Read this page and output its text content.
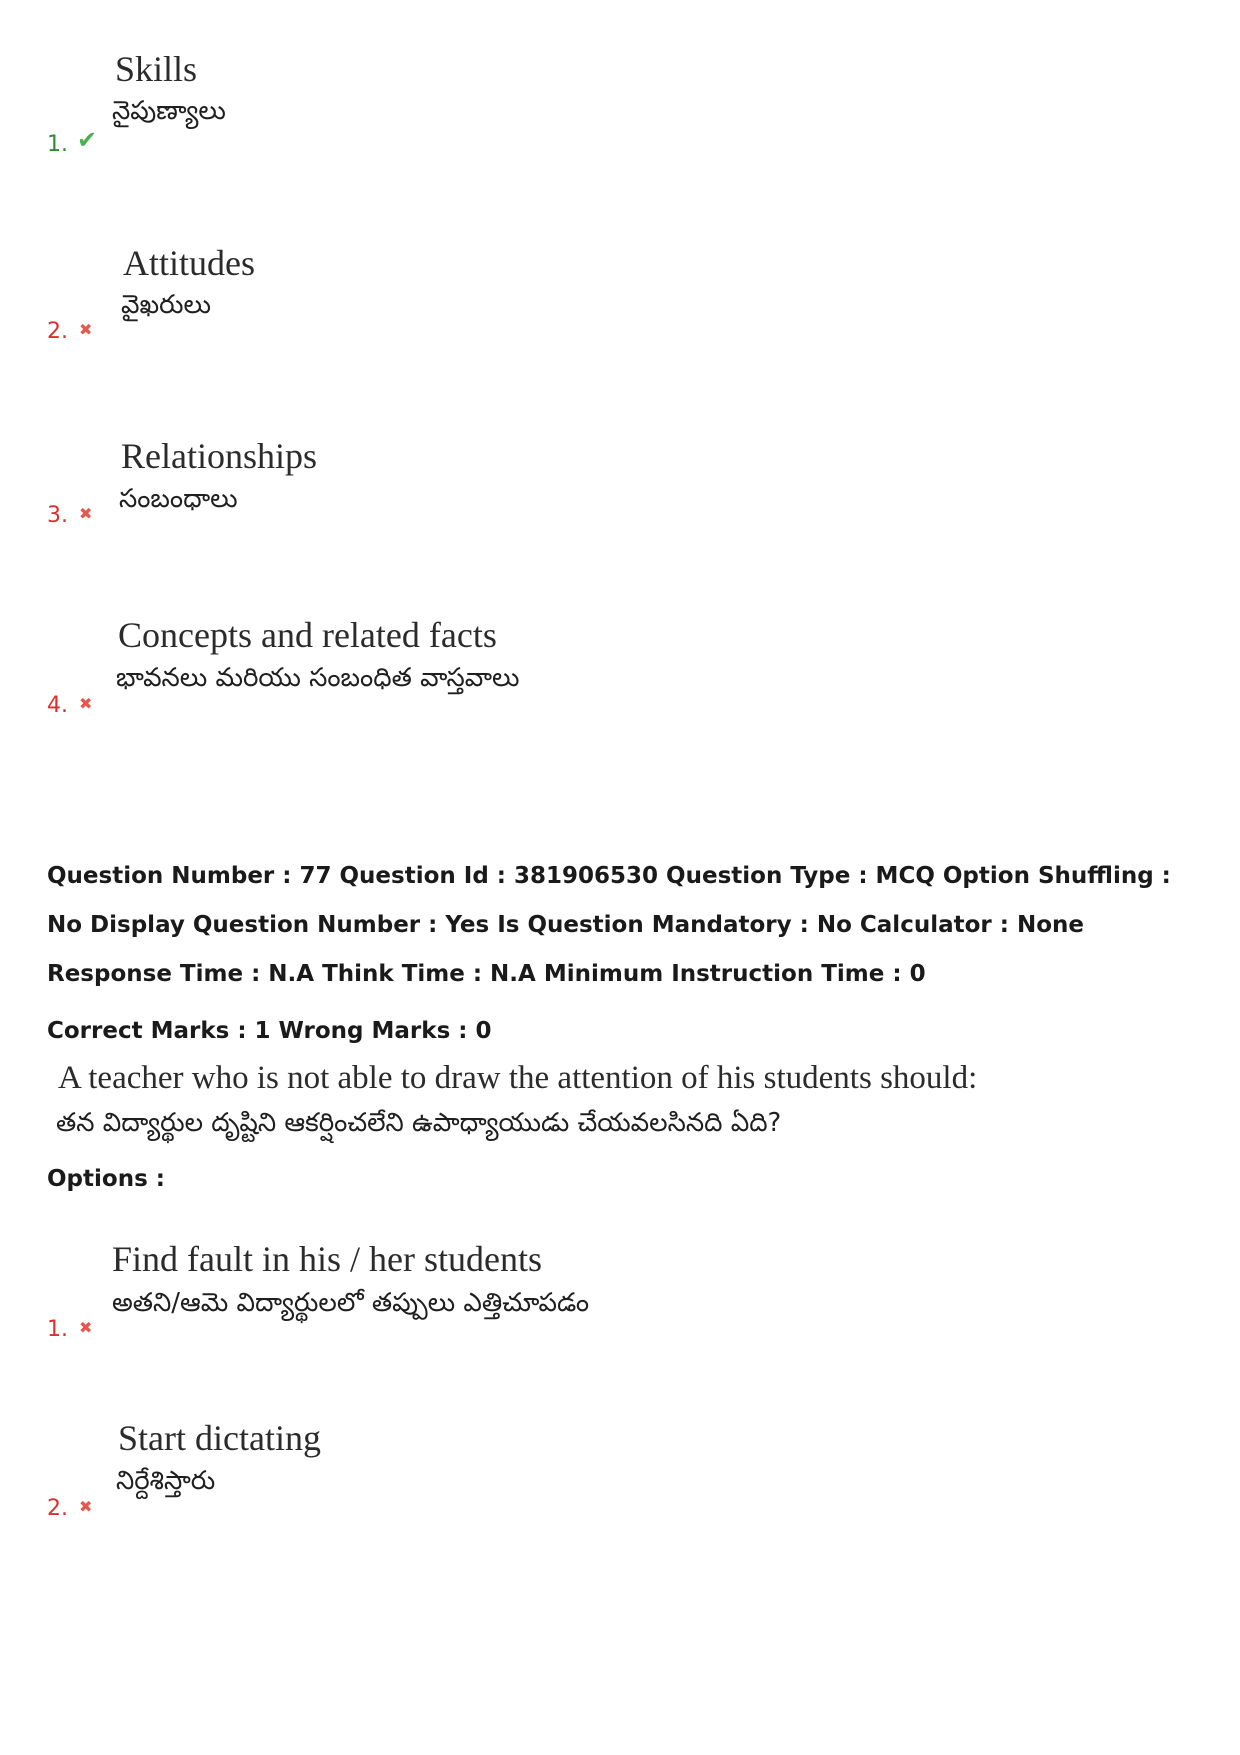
Skills
నైపుణ్యాలు
1. ✔
Attitudes
వైఖరులు
2. ✖
Relationships
సంబంధాలు
3. ✖
Concepts and related facts
భావనలు మరియు సంబంధిత వాస్తవాలు
4. ✖
Question Number : 77 Question Id : 381906530 Question Type : MCQ Option Shuffling : No Display Question Number : Yes Is Question Mandatory : No Calculator : None Response Time : N.A Think Time : N.A Minimum Instruction Time : 0
Correct Marks : 1 Wrong Marks : 0
A teacher who is not able to draw the attention of his students should:
తన విద్యార్థుల దృష్టిని ఆకర్షించలేని ఉపాధ్యాయుడు చేయవలసినది ఏది?
Options :
Find fault in his / her students
అతని/ఆమె విద్యార్థులలో తప్పులు ఎత్తిచూపడం
1. ✖
Start dictating
నిర్దేశిస్తారు
2. ✖
